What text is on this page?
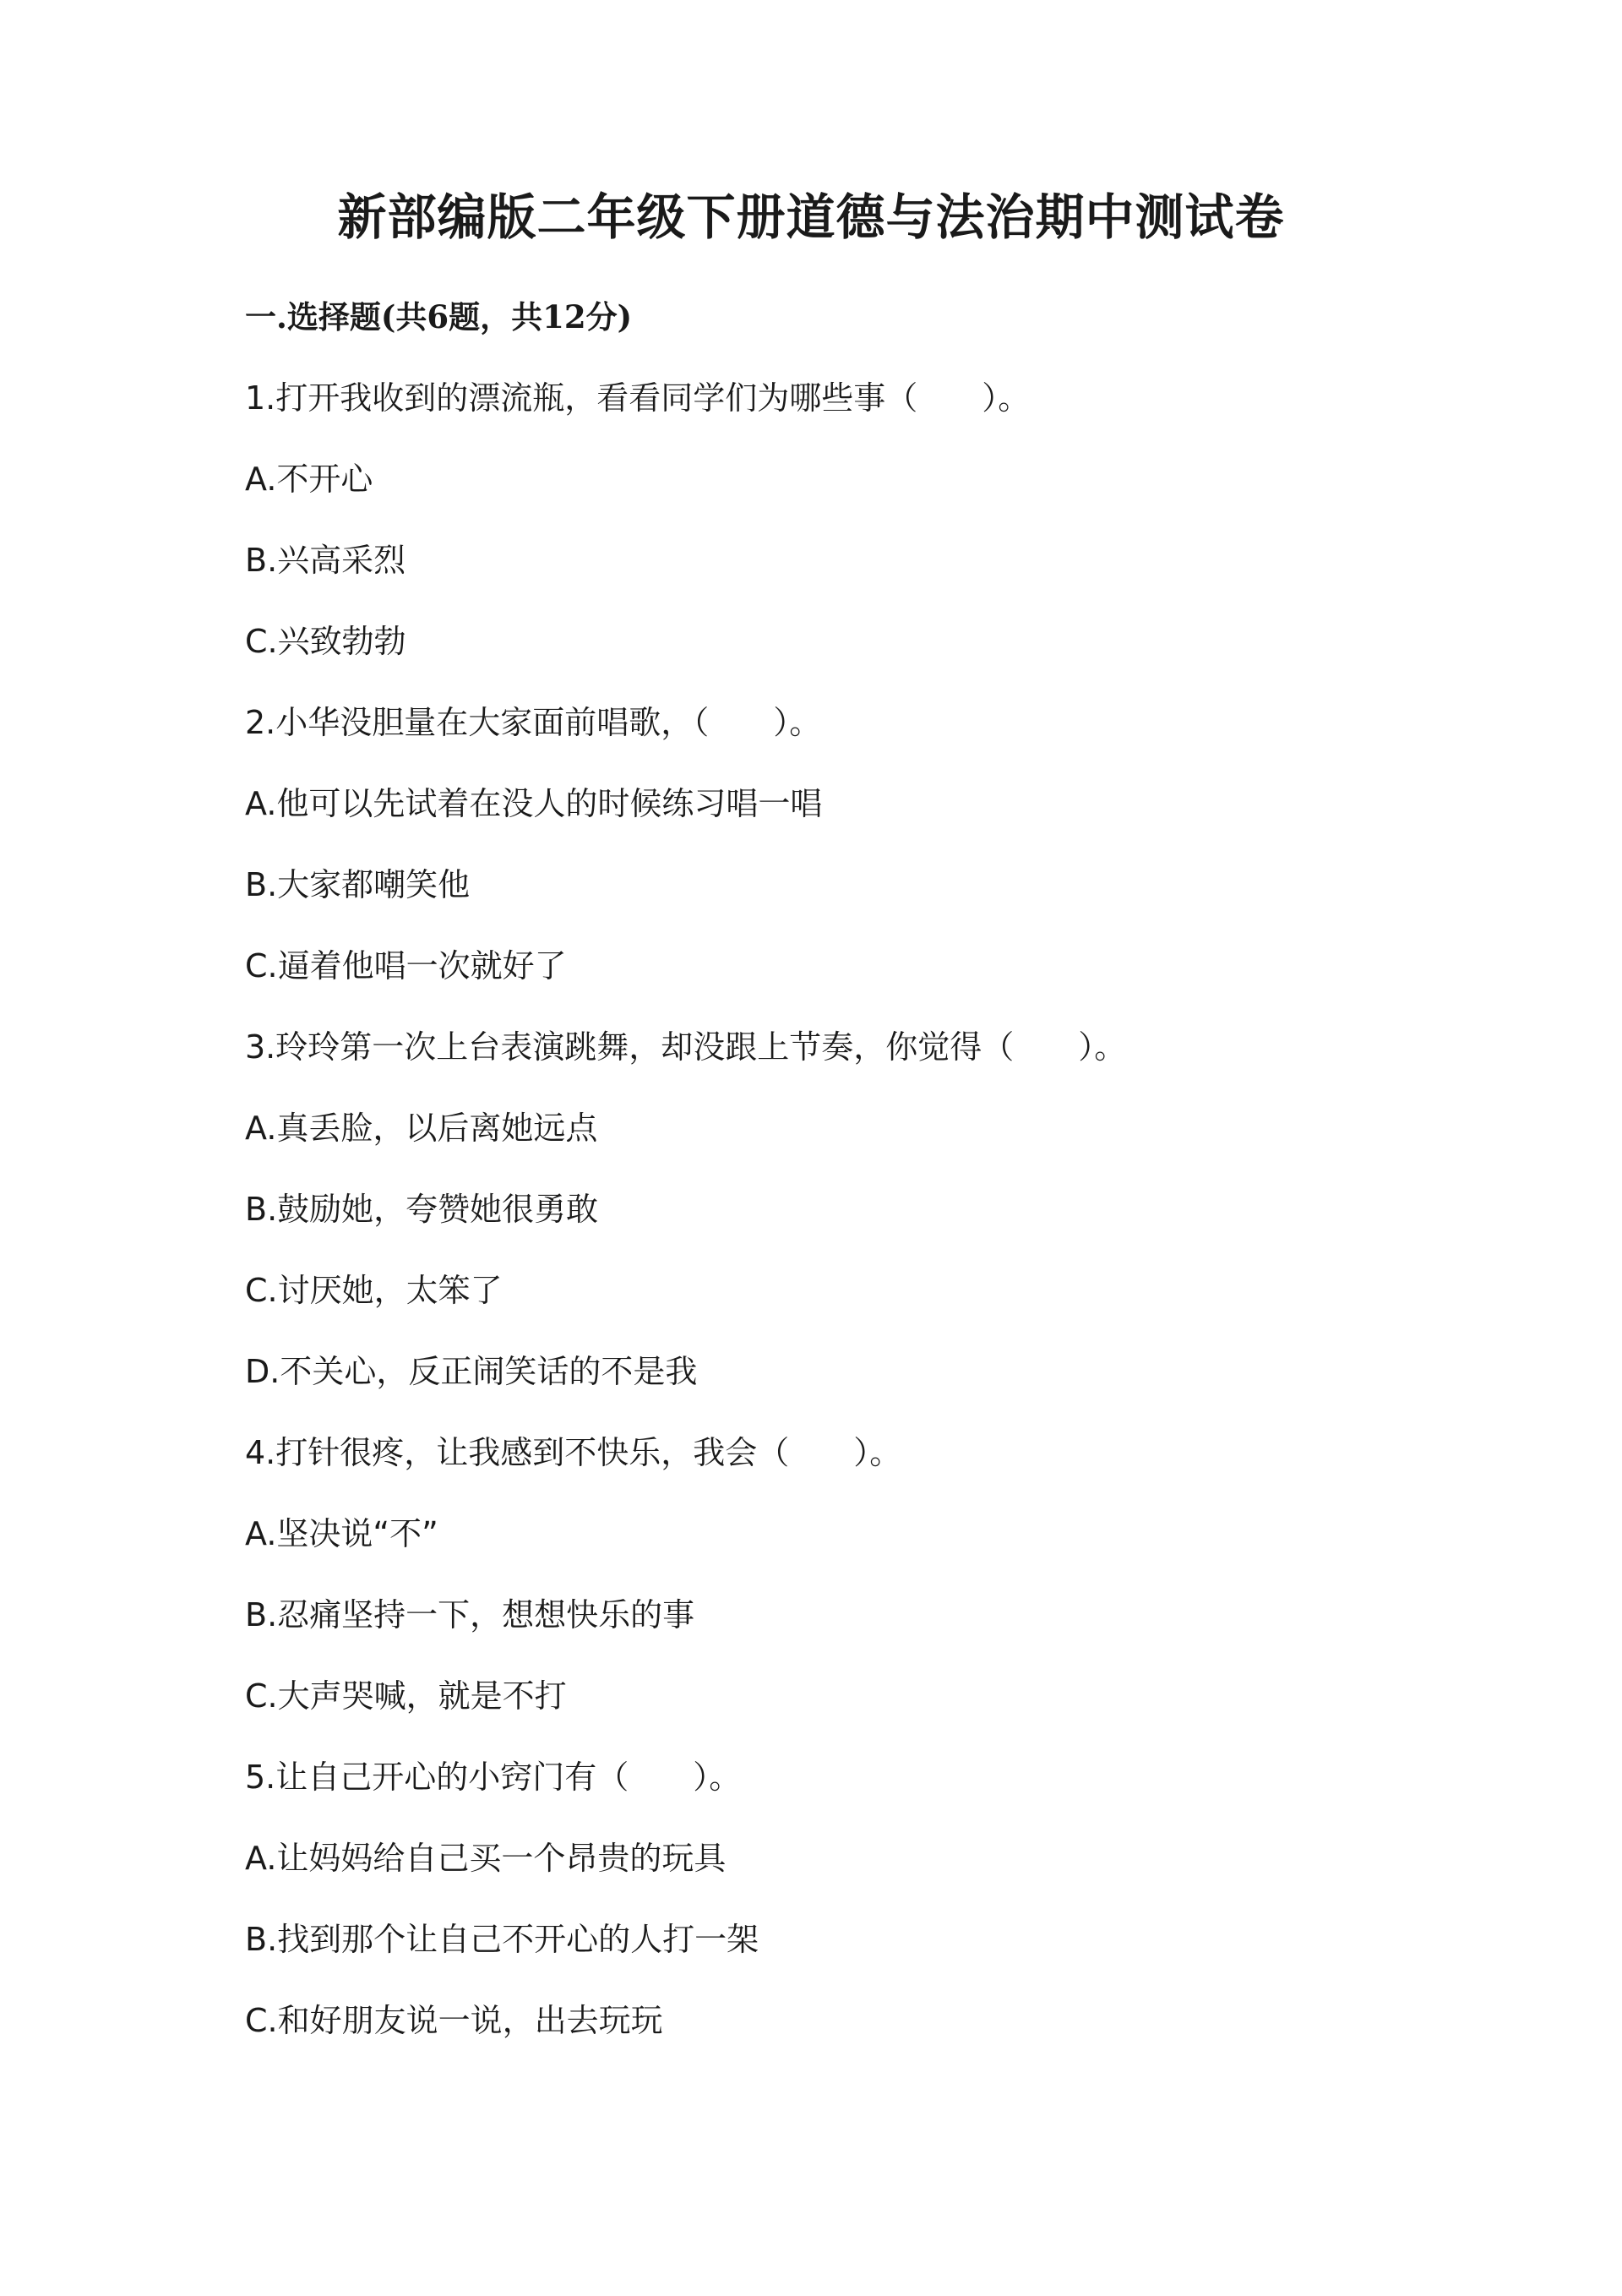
新部编版二年级下册道德与法治期中测试卷
一.选择题(共6题，共12分)
1.打开我收到的漂流瓶，看看同学们为哪些事（　　）。
A.不开心
B.兴高采烈
C.兴致勃勃
2.小华没胆量在大家面前唱歌，（　　）。
A.他可以先试着在没人的时候练习唱一唱
B.大家都嘲笑他
C.逼着他唱一次就好了
3.玲玲第一次上台表演跳舞，却没跟上节奏，你觉得（　　）。
A.真丢脸，以后离她远点
B.鼓励她，夸赞她很勇敢
C.讨厌她，太笨了
D.不关心，反正闹笑话的不是我
4.打针很疼，让我感到不快乐，我会（　　）。
A.坚决说“不”
B.忍痛坚持一下，想想快乐的事
C.大声哭喊，就是不打
5.让自己开心的小窍门有（　　）。
A.让妈妈给自己买一个昂贵的玩具
B.找到那个让自己不开心的人打一架
C.和好朋友说一说，出去玩玩
